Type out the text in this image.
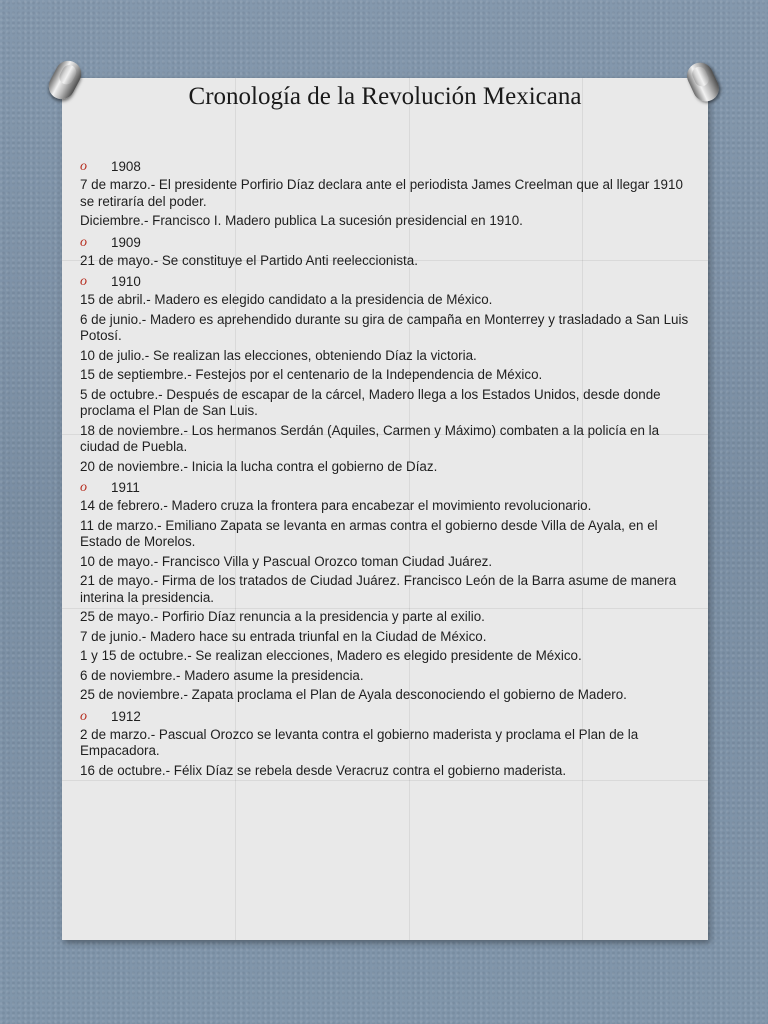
Cronología de la Revolución Mexicana
o 1908
7 de marzo.- El presidente Porfirio Díaz declara ante el periodista James Creelman que al llegar 1910 se retiraría del poder.
Diciembre.- Francisco I. Madero publica La sucesión presidencial en 1910.
o 1909
21 de mayo.- Se constituye el Partido Anti reeleccionista.
o 1910
15 de abril.- Madero es elegido candidato a la presidencia de México.
6 de junio.- Madero es aprehendido durante su gira de campaña en Monterrey y trasladado a San Luis Potosí.
10 de julio.- Se realizan las elecciones, obteniendo Díaz la victoria.
15 de septiembre.- Festejos por el centenario de la Independencia de México.
5 de octubre.- Después de escapar de la cárcel, Madero llega a los Estados Unidos, desde donde proclama el Plan de San Luis.
18 de noviembre.- Los hermanos Serdán (Aquiles, Carmen y Máximo) combaten a la policía en la ciudad de Puebla.
20 de noviembre.- Inicia la lucha contra el gobierno de Díaz.
o 1911
14 de febrero.- Madero cruza la frontera para encabezar el movimiento revolucionario.
11 de marzo.- Emiliano Zapata se levanta en armas contra el gobierno desde Villa de Ayala, en el Estado de Morelos.
10 de mayo.- Francisco Villa y Pascual Orozco toman Ciudad Juárez.
21 de mayo.- Firma de los tratados de Ciudad Juárez. Francisco León de la Barra asume de manera interina la presidencia.
25 de mayo.- Porfirio Díaz renuncia a la presidencia y parte al exilio.
7 de junio.- Madero hace su entrada triunfal en la Ciudad de México.
1 y 15 de octubre.- Se realizan elecciones, Madero es elegido presidente de México.
6 de noviembre.- Madero asume la presidencia.
25 de noviembre.- Zapata proclama el Plan de Ayala desconociendo el gobierno de Madero.
o 1912
2 de marzo.- Pascual Orozco se levanta contra el gobierno maderista y proclama el Plan de la Empacadora.
16 de octubre.- Félix Díaz se rebela desde Veracruz contra el gobierno maderista.
